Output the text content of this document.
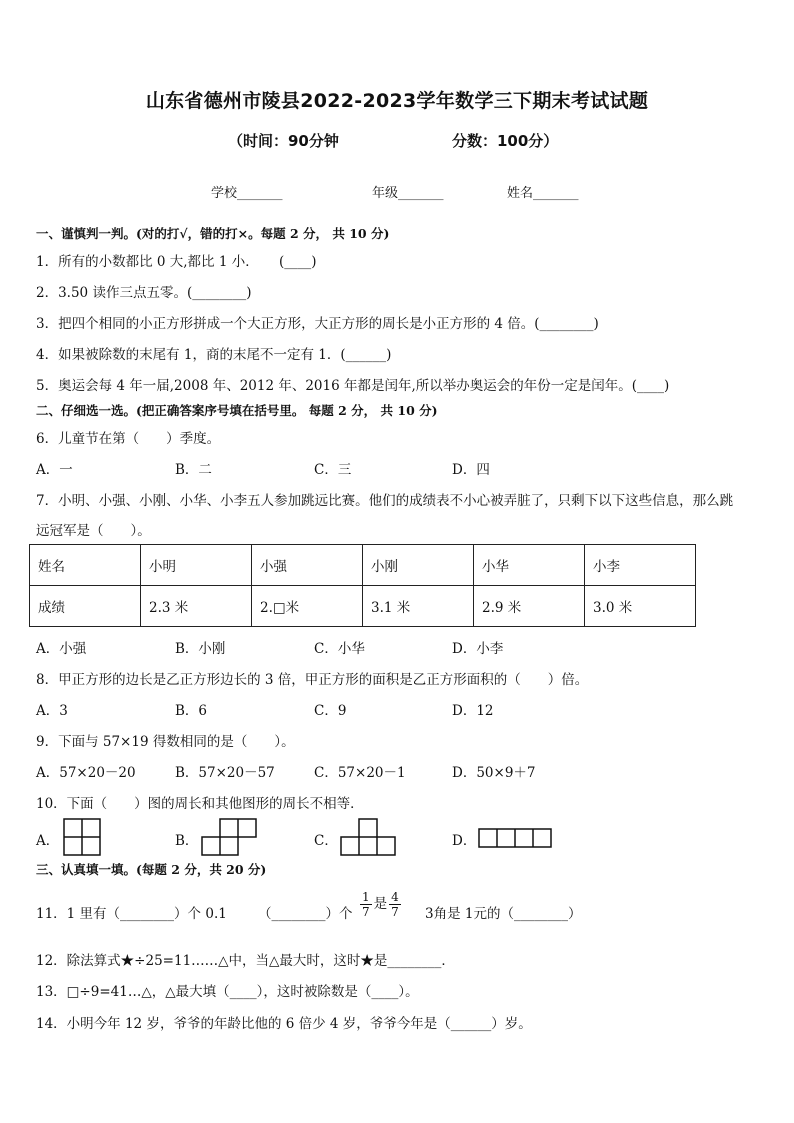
山东省德州市陵县2022-2023学年数学三下期末考试试题
（时间：90分钟	分数：100分）
学校_______	年级_______	姓名_______
一、谨慎判一判。(对的打√，错的打×。每题 2 分， 共 10 分)
1．所有的小数都比 0 大,都比 1 小．　　(____)
2．3.50 读作三点五零。(________)
3．把四个相同的小正方形拼成一个大正方形，大正方形的周长是小正方形的 4 倍。(________)
4．如果被除数的末尾有 1，商的末尾不一定有 1．(______)
5．奥运会每 4 年一届,2008 年、2012 年、2016 年都是闰年,所以举办奥运会的年份一定是闰年。(____)
二、仔细选一选。(把正确答案序号填在括号里。 每题 2 分， 共 10 分)
6．儿童节在第（　　）季度。
A．一	B．二	C．三	D．四
7．小明、小强、小刚、小华、小李五人参加跳远比赛。他们的成绩表不小心被弄脏了，只剩下以下这些信息，那么跳
远冠军是（　　）。
姓名	小明	小强	小刚	小华	小李
成绩	2.3 米	2.□米	3.1 米	2.9 米	3.0 米
A．小强	B．小刚	C．小华	D．小李
8．甲正方形的边长是乙正方形边长的 3 倍，甲正方形的面积是乙正方形面积的（　　）倍。
A．3	B．6	C．9	D．12
9．下面与 57×19 得数相同的是（　　）。
A．57×20－20	B．57×20－57	C．57×20－1	D．50×9＋7
10．下面（　　）图的周长和其他图形的周长不相等．
A．	B．	C．	D．
三、认真填一填。(每题 2 分，共 20 分)
11．1 里有（________）个 0.1 （________）个 $\frac{1}{7}$ 是 $\frac{4}{7} 3$角是 1元的（________）
12．除法算式★÷25=11……△中，当△最大时，这时★是________．
13．□÷9=41…△，△最大填（____），这时被除数是（____）。
14．小明今年 12 岁，爷爷的年龄比他的 6 倍少 4 岁，爷爷今年是（______）岁。
